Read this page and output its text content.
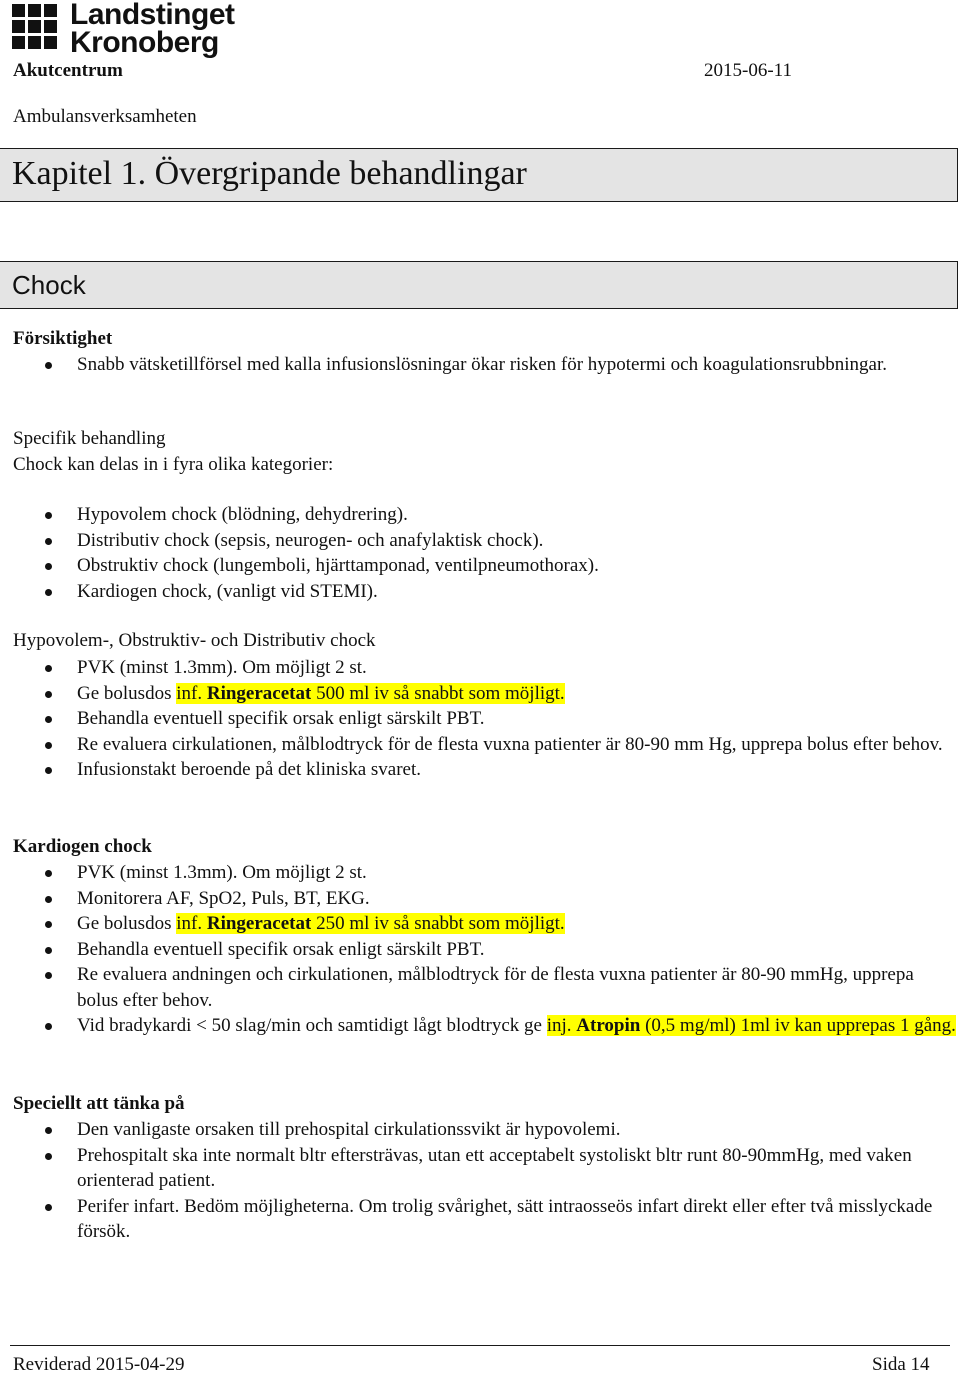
Landstinget
Kronoberg
Akutcentrum	2015-06-11
Ambulansverksamheten
Kapitel 1. Övergripande behandlingar
Chock
Försiktighet
Snabb vätsketillförsel med kalla infusionslösningar ökar risken för hypotermi och koagulationsrubbningar.
Specifik behandling
Chock kan delas in i fyra olika kategorier:
Hypovolem chock (blödning, dehydrering).
Distributiv chock (sepsis, neurogen- och anafylaktisk chock).
Obstruktiv chock (lungemboli, hjärttamponad, ventilpneumothorax).
Kardiogen chock, (vanligt vid STEMI).
Hypovolem-, Obstruktiv- och Distributiv chock
PVK (minst 1.3mm). Om möjligt 2 st.
Ge bolusdos inf. Ringeracetat 500 ml iv så snabbt som möjligt.
Behandla eventuell specifik orsak enligt särskilt PBT.
Re evaluera cirkulationen, målblodtryck för de flesta vuxna patienter är 80-90 mm Hg, upprepa bolus efter behov.
Infusionstakt beroende på det kliniska svaret.
Kardiogen chock
PVK (minst 1.3mm). Om möjligt 2 st.
Monitorera AF, SpO2, Puls, BT, EKG.
Ge bolusdos inf. Ringeracetat 250 ml iv så snabbt som möjligt.
Behandla eventuell specifik orsak enligt särskilt PBT.
Re evaluera andningen och cirkulationen, målblodtryck för de flesta vuxna patienter är 80-90 mmHg, upprepa bolus efter behov.
Vid bradykardi < 50 slag/min och samtidigt lågt blodtryck ge inj. Atropin (0,5 mg/ml) 1ml iv kan upprepas 1 gång.
Speciellt att tänka på
Den vanligaste orsaken till prehospital cirkulationssvikt är hypovolemi.
Prehospitalt ska inte normalt bltr eftersträvas, utan ett acceptabelt systoliskt bltr runt 80-90mmHg, med vaken orienterad patient.
Perifer infart. Bedöm möjligheterna. Om trolig svårighet, sätt intraosseös infart direkt eller efter två misslyckade försök.
Reviderad 2015-04-29	Sida 14
